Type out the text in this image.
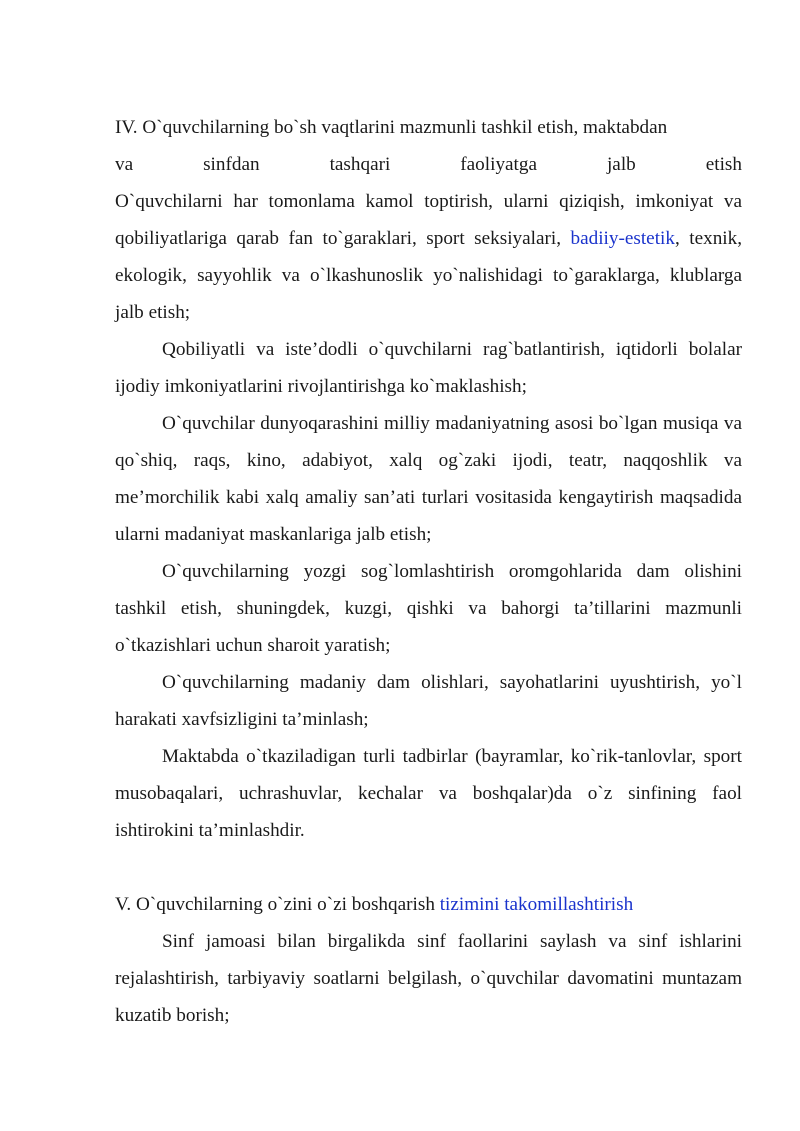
IV. O`quvchilarning bo`sh vaqtlarini mazmunli tashkil etish, maktabdan
va	sinfdan	tashqari	faoliyatga	jalb	etish

O`quvchilarni har tomonlama kamol toptirish, ularni qiziqish, imkoniyat va qobiliyatlariga qarab fan to`garaklari, sport seksiyalari, badiiy-estetik, texnik, ekologik, sayyohlik va o`lkashunoslik yo`nalishidagi to`garaklarga, klublarga jalb etish;

Qobiliyatli va iste’dodli o`quvchilarni rag`batlantirish, iqtidorli bolalar ijodiy imkoniyatlarini rivojlantirishga ko`maklashish;

O`quvchilar dunyoqarashini milliy madaniyatning asosi bo`lgan musiqa va qo`shiq, raqs, kino, adabiyot, xalq og`zaki ijodi, teatr, naqqoshlik va me’morchilik kabi xalq amaliy san’ati turlari vositasida kengaytirish maqsadida ularni madaniyat maskanlariga jalb etish;

O`quvchilarning yozgi sog`lomlashtirish oromgohlarida dam olishini tashkil etish, shuningdek, kuzgi, qishki va bahorgi ta’tillarini mazmunli o`tkazishlari uchun sharoit yaratish;

O`quvchilarning madaniy dam olishlari, sayohatlarini uyushtirish, yo`l harakati xavfsizligini ta’minlash;

Maktabda o`tkaziladigan turli tadbirlar (bayramlar, ko`rik-tanlovlar, sport musobaqalari, uchrashuvlar, kechalar va boshqalar)da o`z sinfining faol ishtirokini ta’minlashdir.

V. O`quvchilarning o`zini o`zi boshqarish tizimini takomillashtirish

Sinf jamoasi bilan birgalikda sinf faollarini saylash va sinf ishlarini rejalashtirish, tarbiyaviy soatlarni belgilash, o`quvchilar davomatini muntazam kuzatib borish;
